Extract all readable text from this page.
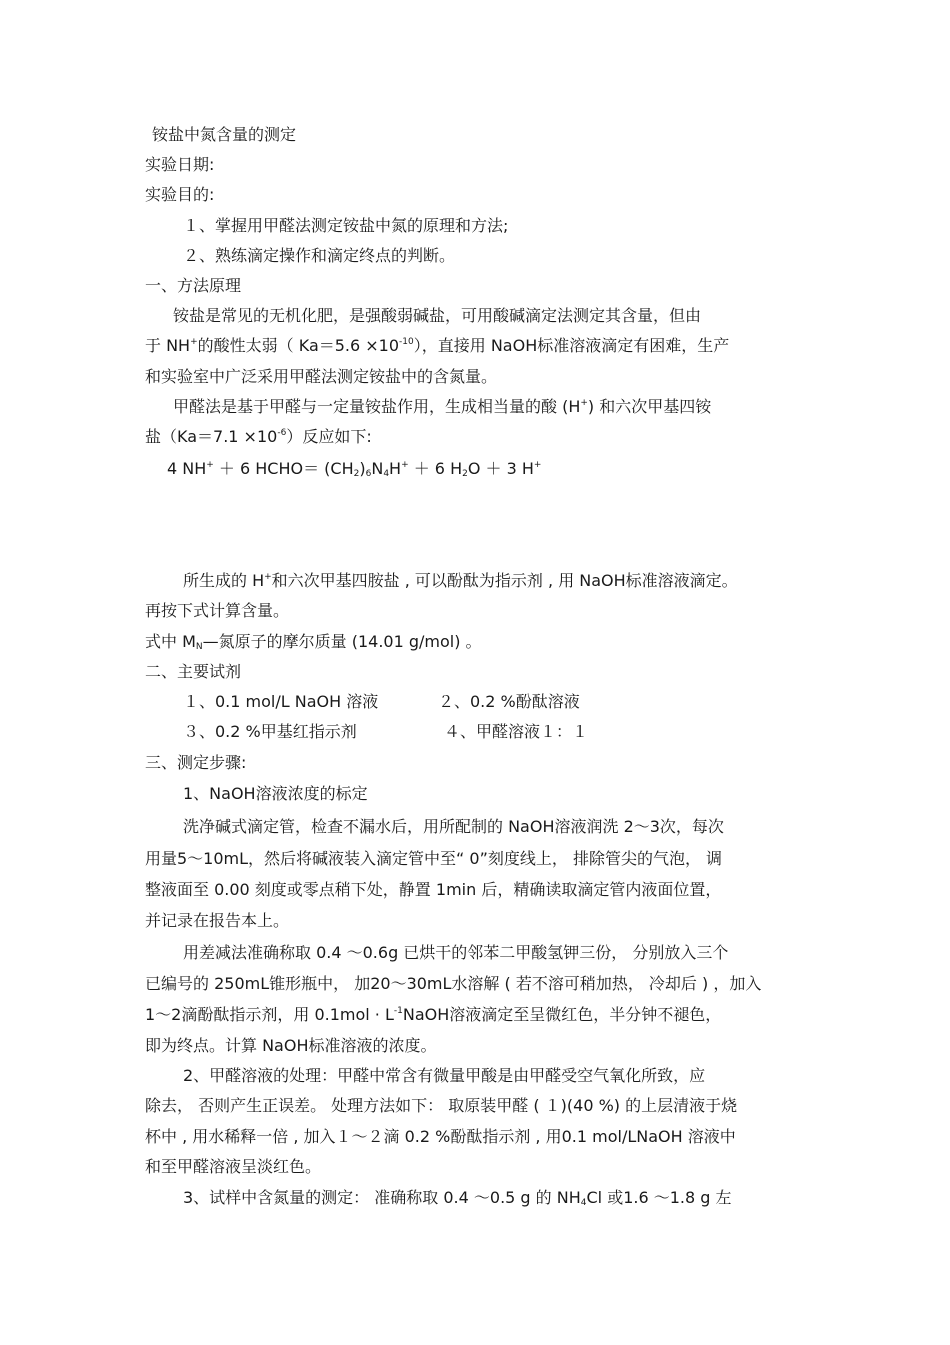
铵盐中氮含量的测定
实验日期:
实验目的:
１、掌握用甲醛法测定铵盐中氮的原理和方法;
２、熟练滴定操作和滴定终点的判断。
一、方法原理
铵盐是常见的无机化肥，是强酸弱碱盐，可用酸碱滴定法测定其含量，但由
于 NH+的酸性太弱（ $Ka=5.6 \times 10^{-10}$），直接用 NaOH标准溶液滴定有困难，生产
和实验室中广泛采用甲醛法测定铵盐中的含氮量。
甲醛法是基于甲醛与一定量铵盐作用，生成相当量的酸 (H+) 和六次甲基四铵
盐$(Ka=7.1 \times 10^{-6})$反应如下:
4 NH+ ＋ 6 HCHO＝ $(CH_2)_6N_4H^+ + 6$ $H_2O + 3$ H+
所生成的 H+和六次甲基四胺盐 , 可以酚酞为指示剂 , 用 NaOH标准溶液滴定。
再按下式计算含量。
式中 $M_N—$氮原子的摩尔质量 (14.01 g/mol) 。
二、主要试剂
１、0.1 mol/L NaOH 溶液	２、0.2 %酚酞溶液
３、0.2 %甲基红指示剂	４、甲醛溶液１：１
三、测定步骤:
1、NaOH溶液浓度的标定
洗净碱式滴定管，检查不漏水后，用所配制的 NaOH溶液润洗 2～3次，每次
用量5～10mL，然后将碱液装入滴定管中至“ 0”刻度线上， 排除管尖的气泡， 调
整液面至 0.00 刻度或零点稍下处，静置 1min 后，精确读取滴定管内液面位置，
并记录在报告本上。
用差减法准确称取 0.4 ～0.6g 已烘干的邻苯二甲酸氢钾三份， 分别放入三个
已编号的 250mL锥形瓶中， 加20～30mL水溶解 ( 若不溶可稍加热， 冷却后 ) ，加入
1～2滴酚酞指示剂，用 $0.1mol \cdot L^{-1}NaOH$溶液滴定至呈微红色，半分钟不褪色，
即为终点。计算 NaOH标准溶液的浓度。
2、甲醛溶液的处理：甲醛中常含有微量甲酸是由甲醛受空气氧化所致，应
除去， 否则产生正误差。 处理方法如下： 取原装甲醛 ( １)(40 %) 的上层清液于烧
杯中 , 用水稀释一倍 , 加入１～２滴 0.2 %酚酞指示剂 , 用0.1 mol/LNaOH 溶液中
和至甲醛溶液呈淡红色。
3、试样中含氮量的测定： 准确称取 0.4 ～0.5 g 的 $NH_4Cl$ 或1.6 ～1.8 g 左
